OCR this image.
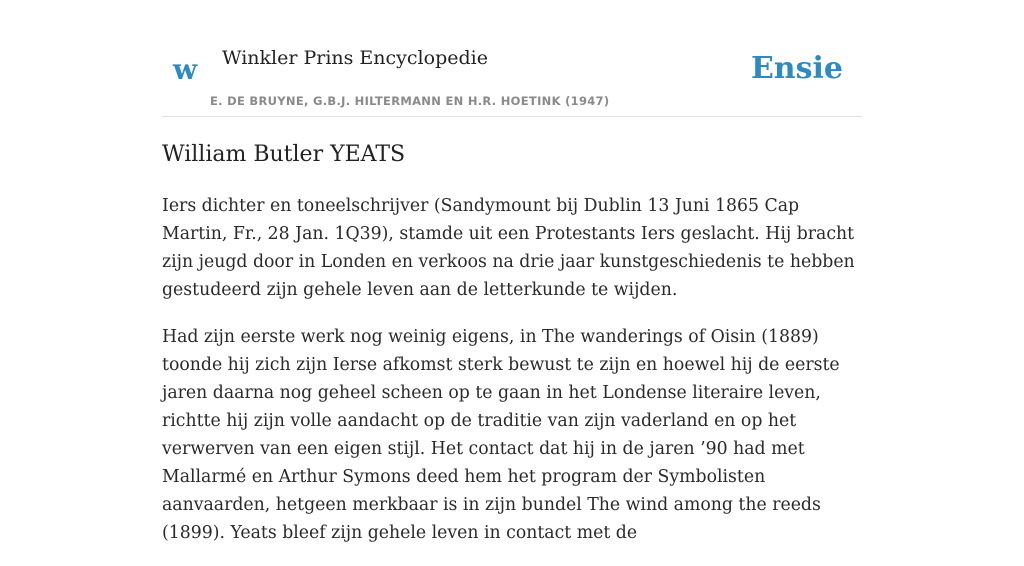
w Winkler Prins Encyclopedie
E. DE BRUYNE, G.B.J. HILTERMANN EN H.R. HOETINK (1947)
Ensie
William Butler YEATS

Iers dichter en toneelschrijver (Sandymount bij Dublin 13 Juni 1865 Cap Martin, Fr., 28 Jan. 1Q39), stamde uit een Protestants Iers geslacht. Hij bracht zijn jeugd door in Londen en verkoos na drie jaar kunstgeschiedenis te hebben gestudeerd zijn gehele leven aan de letterkunde te wijden.

Had zijn eerste werk nog weinig eigens, in The wanderings of Oisin (1889) toonde hij zich zijn Ierse afkomst sterk bewust te zijn en hoewel hij de eerste jaren daarna nog geheel scheen op te gaan in het Londense literaire leven, richtte hij zijn volle aandacht op de traditie van zijn vaderland en op het verwerven van een eigen stijl. Het contact dat hij in de jaren ’90 had met Mallarmé en Arthur Symons deed hem het program der Symbolisten aanvaarden, hetgeen merkbaar is in zijn bundel The wind among the reeds (1899). Yeats bleef zijn gehele leven in contact met de
